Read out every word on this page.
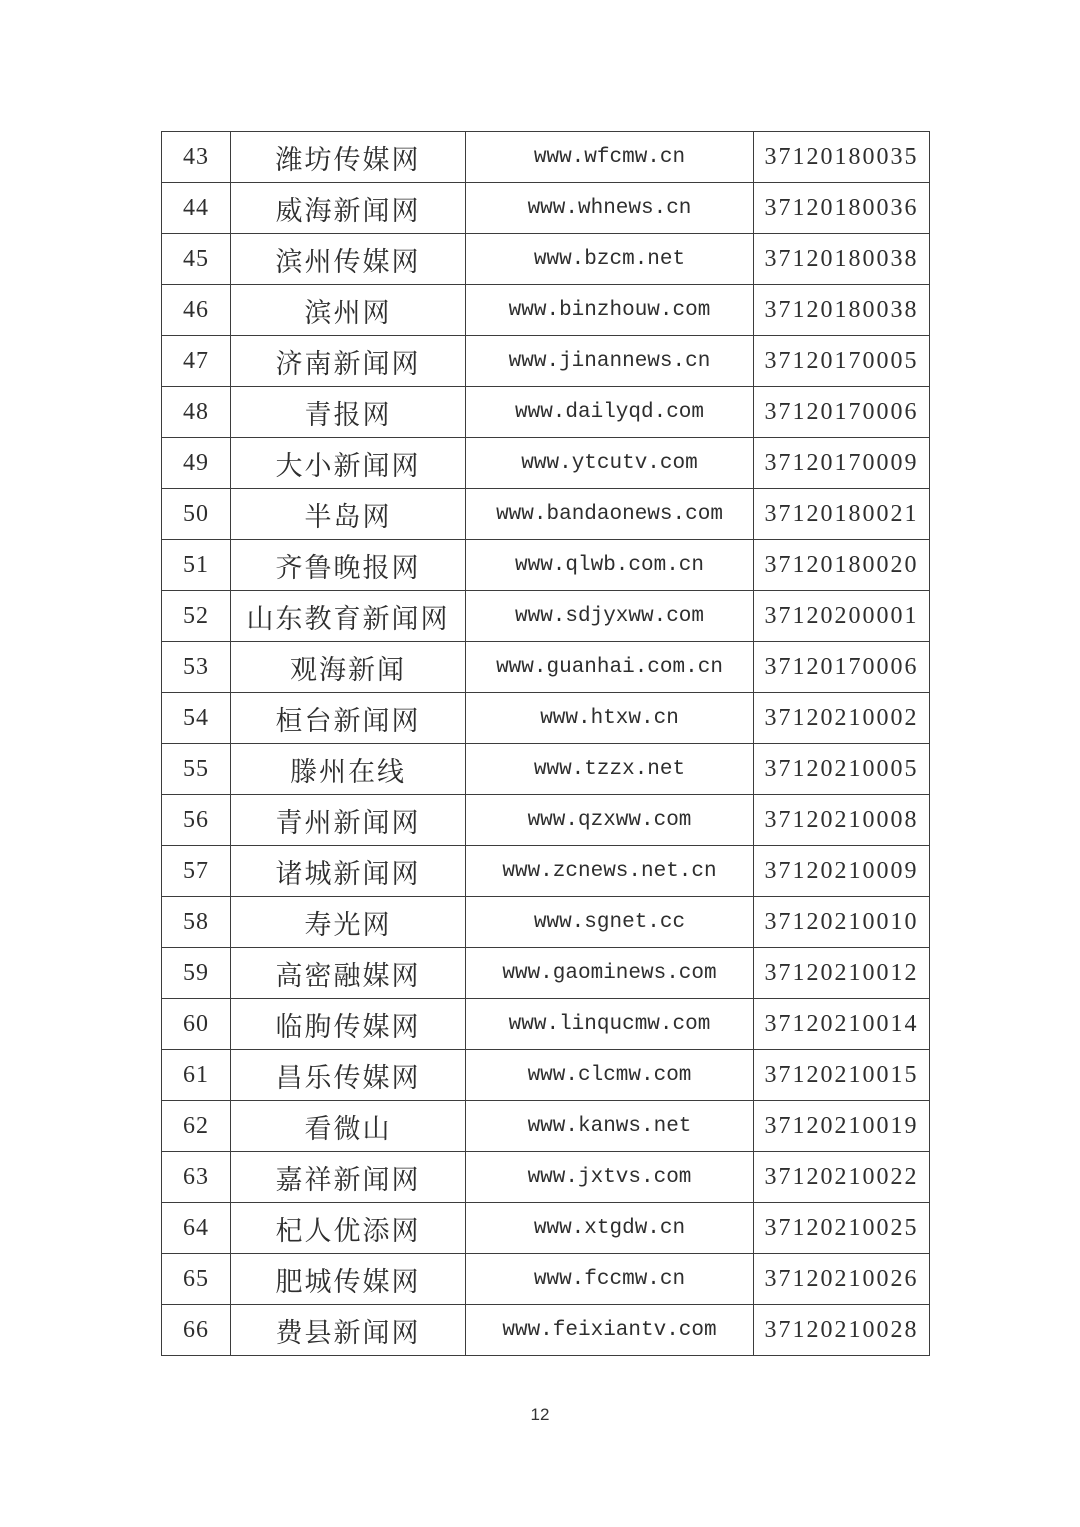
43	潍坊传媒网	www.wfcmw.cn	37120180035
44	威海新闻网	www.whnews.cn	37120180036
45	滨州传媒网	www.bzcm.net	37120180038
46	滨州网	www.binzhouw.com	37120180038
47	济南新闻网	www.jinannews.cn	37120170005
48	青报网	www.dailyqd.com	37120170006
49	大小新闻网	www.ytcutv.com	37120170009
50	半岛网	www.bandaonews.com	37120180021
51	齐鲁晚报网	www.qlwb.com.cn	37120180020
52	山东教育新闻网	www.sdjyxww.com	37120200001
53	观海新闻	www.guanhai.com.cn	37120170006
54	桓台新闻网	www.htxw.cn	37120210002
55	滕州在线	www.tzzx.net	37120210005
56	青州新闻网	www.qzxww.com	37120210008
57	诸城新闻网	www.zcnews.net.cn	37120210009
58	寿光网	www.sgnet.cc	37120210010
59	高密融媒网	www.gaominews.com	37120210012
60	临朐传媒网	www.linqucmw.com	37120210014
61	昌乐传媒网	www.clcmw.com	37120210015
62	看微山	www.kanws.net	37120210019
63	嘉祥新闻网	www.jxtvs.com	37120210022
64	杞人优添网	www.xtgdw.cn	37120210025
65	肥城传媒网	www.fccmw.cn	37120210026
66	费县新闻网	www.feixiantv.com	37120210028
12
